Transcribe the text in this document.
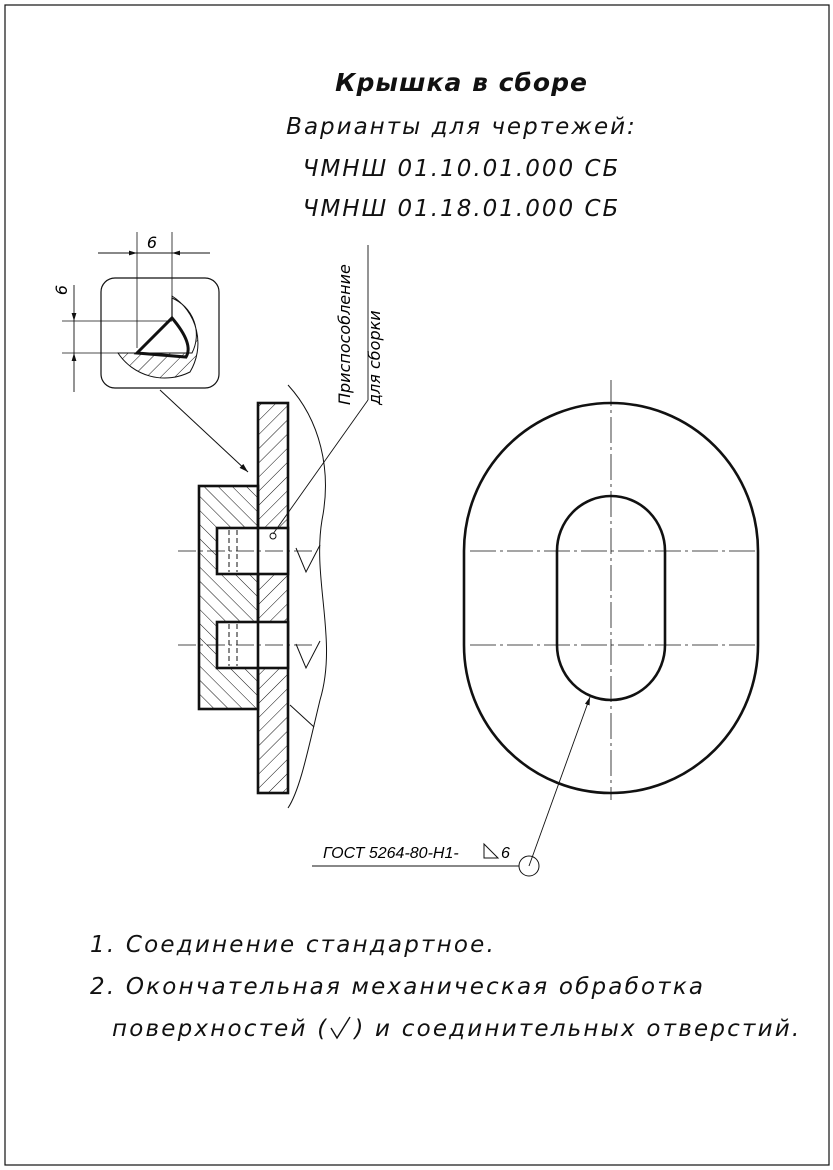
6
6	Приспособление для сборки
ГОСТ 5264-80-Н1-	6
Крышка в сборе
Варианты для чертежей:
ЧМНШ 01.10.01.000 СБ
ЧМНШ 01.18.01.000 СБ
1. Соединение стандартное.
2. Окончательная механическая обработка
поверхностей ( ) и соединительных отверстий.
